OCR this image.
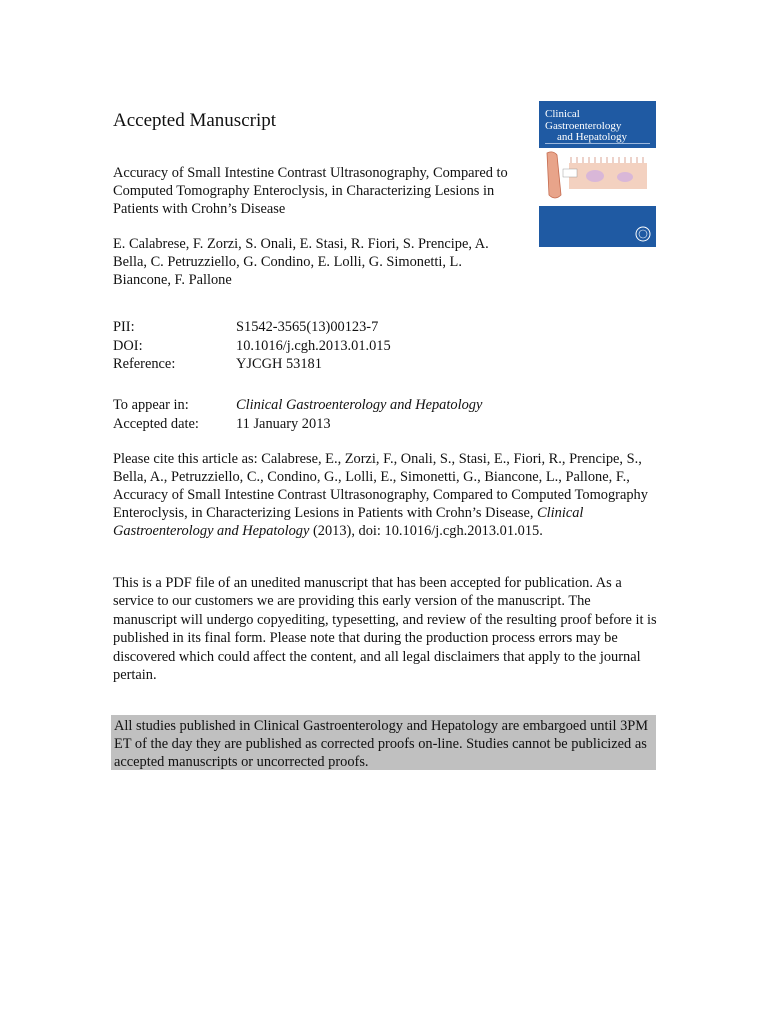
Accepted Manuscript
Accuracy of Small Intestine Contrast Ultrasonography, Compared to Computed Tomography Enteroclysis, in Characterizing Lesions in Patients with Crohn’s Disease
E. Calabrese, F. Zorzi, S. Onali, E. Stasi, R. Fiori, S. Prencipe, A. Bella, C. Petruzziello, G. Condino, E. Lolli, G. Simonetti, L. Biancone, F. Pallone
PII:	S1542-3565(13)00123-7
DOI:	10.1016/j.cgh.2013.01.015
Reference:	YJCGH 53181
To appear in:	Clinical Gastroenterology and Hepatology
Accepted date:	11 January 2013
Please cite this article as: Calabrese, E., Zorzi, F., Onali, S., Stasi, E., Fiori, R., Prencipe, S., Bella, A., Petruzziello, C., Condino, G., Lolli, E., Simonetti, G., Biancone, L., Pallone, F., Accuracy of Small Intestine Contrast Ultrasonography, Compared to Computed Tomography Enteroclysis, in Characterizing Lesions in Patients with Crohn’s Disease, Clinical Gastroenterology and Hepatology (2013), doi: 10.1016/j.cgh.2013.01.015.
This is a PDF file of an unedited manuscript that has been accepted for publication. As a service to our customers we are providing this early version of the manuscript. The manuscript will undergo copyediting, typesetting, and review of the resulting proof before it is published in its final form. Please note that during the production process errors may be discovered which could affect the content, and all legal disclaimers that apply to the journal pertain.
All studies published in Clinical Gastroenterology and Hepatology are embargoed until 3PM ET of the day they are published as corrected proofs on-line. Studies cannot be publicized as accepted manuscripts or uncorrected proofs.
Clinical
Gastroenterology
and Hepatology
